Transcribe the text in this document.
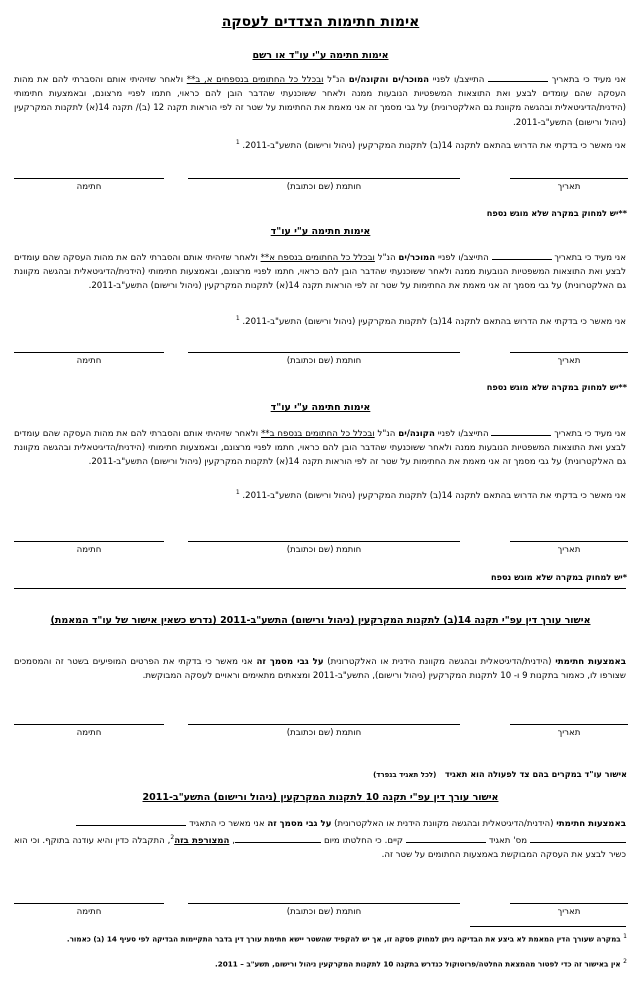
אימות חתימות הצדדים לעסקה
אימות חתימה ע"י עו"ד או רשם
אני מעיד כי בתאריך  התייצב/ו לפניי המוכר/ים והקונה/ים הנ"ל ובכלל כל החתומים בנספחים א, ב** ולאחר שזיהיתי אותם והסברתי להם את מהות העסקה שהם עומדים לבצע ואת התוצאות המשפטיות הנובעות ממנה ולאחר ששוכנעתי שהדבר הובן להם כראוי, חתמו לפניי מרצונם, ובאמצעות חתימותי (הידנית/הדיגיטאלית ובהגשה מקוונת גם האלקטרונית) על גבי מסמך זה אני מאמת את החתימות על שטר זה לפי הוראות תקנה 12 (ב)/ תקנה 14(א) לתקנות המקרקעין (ניהול ורישום) התשע"ב-2011.
אני מאשר כי בדקתי את הדרוש בהתאם לתקנה 14(ב) לתקנות המקרקעין (ניהול ורישום) התשע"ב-2011. $^1$
חתימה	חותמת (שם וכתובת)	תאריך
**יש למחוק במקרה שלא מוגש נספח
אימות חתימה ע"י עו"ד
אני מעיד כי בתאריך  התייצב/ו לפניי המוכר/ים הנ"ל ובכלל כל החתומים בנספח א** ולאחר שזיהיתי אותם והסברתי להם את מהות העסקה שהם עומדים לבצע ואת התוצאות המשפטיות הנובעות ממנה ולאחר ששוכנעתי שהדבר הובן להם כראוי, חתמו לפניי מרצונם, ובאמצעות חתימותי (הידנית/הדיגיטאלית ובהגשה מקוונת גם האלקטרונית) על גבי מסמך זה אני מאמת את החתימות על שטר זה לפי הוראות תקנה 14(א) לתקנות המקרקעין (ניהול ורישום) התשע"ב-2011.
אני מאשר כי בדקתי את הדרוש בהתאם לתקנה 14(ב) לתקנות המקרקעין (ניהול ורישום) התשע"ב-2011. $^1$
חתימה	חותמת (שם וכתובת)	תאריך
**יש למחוק במקרה שלא מוגש נספח
אימות חתימה ע"י עו"ד
אני מעיד כי בתאריך  התייצב/ו לפניי הקונה/ים הנ"ל ובכלל כל החתומים בנספח ב** ולאחר שזיהיתי אותם והסברתי להם את מהות העסקה שהם עומדים לבצע ואת התוצאות המשפטיות הנובעות ממנה ולאחר ששוכנעתי שהדבר הובן להם כראוי, חתמו לפניי מרצונם, ובאמצעות חתימותי (הידנית/הדיגיטאלית ובהגשה מקוונת גם האלקטרונית) על גבי מסמך זה אני מאמת את החתימות על שטר זה לפי הוראות תקנה 14(א) לתקנות המקרקעין (ניהול ורישום) התשע"ב-2011.
אני מאשר כי בדקתי את הדרוש בהתאם לתקנה 14(ב) לתקנות המקרקעין (ניהול ורישום) התשע"ב-2011. $^1$
חתימה	חותמת (שם וכתובת)	תאריך
*יש למחוק במקרה שלא מוגש נספח
אישור עורך דין עפ"י תקנה 14(ב) לתקנות המקרקעין (ניהול ורישום) התשע"ב-2011 (נדרש כשאין אישור של עו"ד המאמת)
באמצעות חתימתי (הידנית/הדיגיטאלית ובהגשה מקוונת הידנית או האלקטרונית) על גבי מסמך זה אני מאשר כי בדקתי את הפרטים המופיעים בשטר זה והמסמכים שצורפו לו, כאמור בתקנות 9 ו- 10 לתקנות המקרקעין (ניהול ורישום), התשע"ב-2011 ומצאתים מתאימים וראויים לעסקה המבוקשת.
חתימה	חותמת (שם וכתובת)	תאריך
אישור עו"ד במקרים בהם צד לפעולה הוא תאגיד   (לכל תאגיד בנפרד)
אישור עורך דין עפ"י תקנה 10 לתקנות המקרקעין (ניהול ורישום) התשע"ב-2011
באמצעות חתימתי (הידנית/הדיגיטאלית ובהגשה מקוונת הידנית או האלקטרונית) על גבי מסמך זה אני מאשר כי התאגיד
מס' תאגיד  קיים. כי החלטתו מיום , המצורפת בזה$^2$, התקבלה כדין והיא עודנה בתוקף. וכי הוא כשיר לבצע את העסקה המבוקשת באמצעות החתומים על שטר זה.
חתימה	חותמת (שם וכתובת)	תאריך
$^1$ במקרה שעורך הדין המאמת לא ביצע את הבדיקה ניתן למחוק פסקה זו, אך יש להקפיד שהשטר יישא חתימת עורך דין בדבר התקיימות הבדיקה לפי סעיף 14 (ב) כאמור.
$^2$ אין באישור זה כדי לפטור מהמצאת החלטה/פרוטוקול כנדרש בתקנה 10 לתקנות המקרקעין ניהול ורישום, תשע"ב – 2011.
